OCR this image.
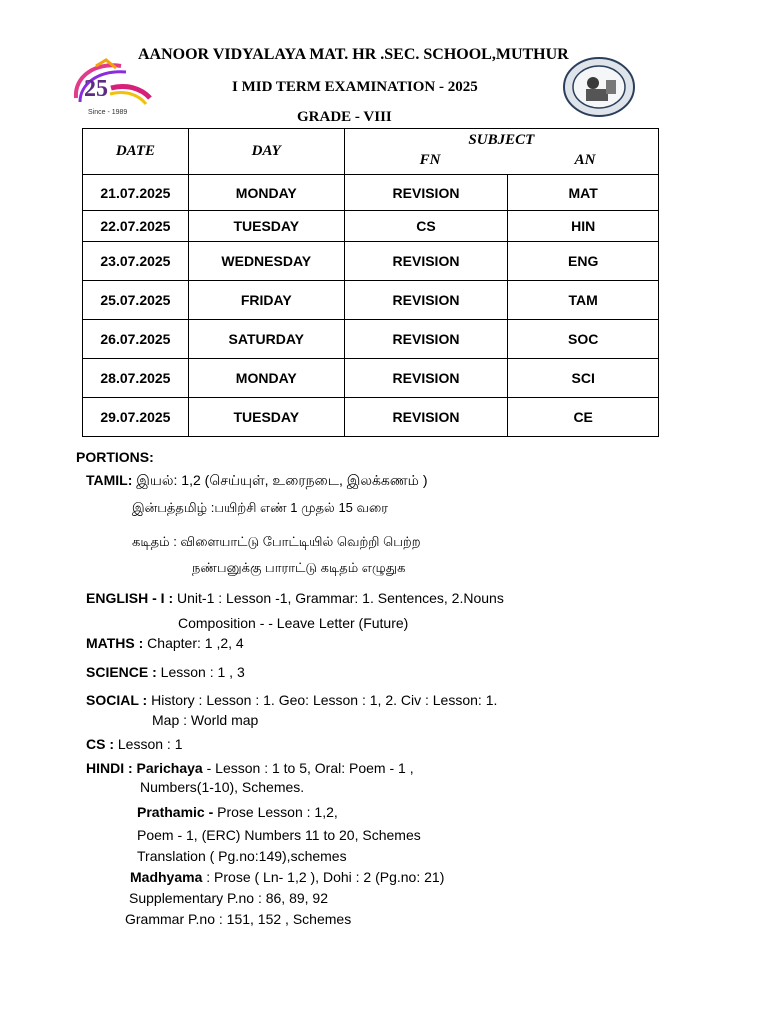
AANOOR VIDYALAYA MAT. HR .SEC. SCHOOL,MUTHUR
I MID TERM EXAMINATION - 2025
GRADE - VIII
25
Since - 1989
DATE	DAY	SUBJECT
FN AN	

21.07.2025	MONDAY	REVISION	MAT
22.07.2025	TUESDAY	CS	HIN
23.07.2025	WEDNESDAY	REVISION	ENG
25.07.2025	FRIDAY	REVISION	TAM
26.07.2025	SATURDAY	REVISION	SOC
28.07.2025	MONDAY	REVISION	SCI
29.07.2025	TUESDAY	REVISION	CE
PORTIONS:
TAMIL: இயல்: 1,2 (செய்யுள், உரைநடை, இலக்கணம் )
இன்பத்தமிழ் :பயிற்சி எண் 1 முதல் 15 வரை
கடிதம் : விளையாட்டு போட்டியில் வெற்றி பெற்ற
நண்பனுக்கு பாராட்டு கடிதம் எழுதுக
ENGLISH - I : Unit-1 : Lesson -1, Grammar: 1. Sentences, 2.Nouns
Composition - - Leave Letter (Future)
MATHS : Chapter: 1 ,2, 4
SCIENCE : Lesson : 1 , 3
SOCIAL : History : Lesson : 1. Geo: Lesson : 1, 2. Civ : Lesson: 1.
Map : World map
CS : Lesson : 1
HINDI : Parichaya - Lesson : 1 to 5, Oral: Poem - 1 ,
Numbers(1-10), Schemes.
Prathamic - Prose Lesson : 1,2,
Poem - 1, (ERC) Numbers 11 to 20, Schemes
Translation ( Pg.no:149),schemes
Madhyama : Prose ( Ln- 1,2 ), Dohi : 2 (Pg.no: 21)
Supplementary P.no : 86, 89, 92
Grammar P.no : 151, 152 , Schemes
